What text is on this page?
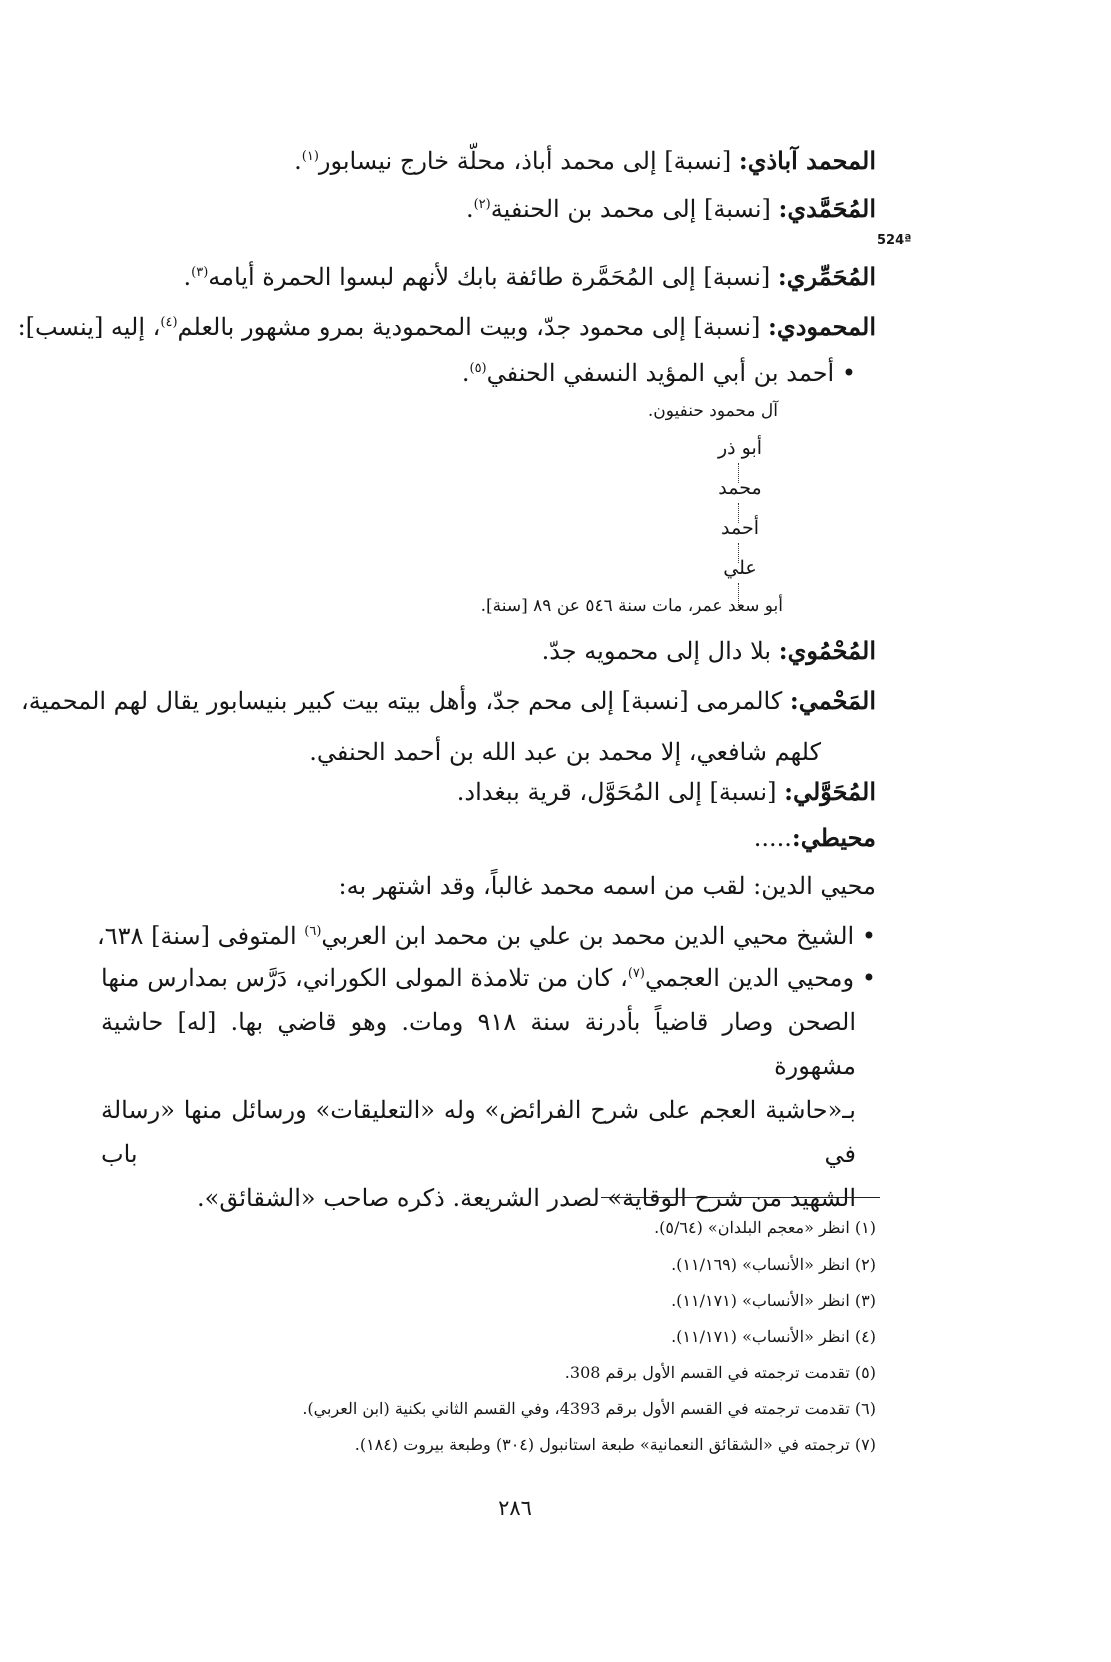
المحمد آباذي: [نسبة] إلى محمد أباذ، محلّة خارج نيسابور$^{(١)}$.
المُحَمَّدي: [نسبة] إلى محمد بن الحنفية$^{(٢)}$.
524ª
المُحَمِّري: [نسبة] إلى المُحَمَّرة طائفة بابك لأنهم لبسوا الحمرة أيامه$^{(٣)}$.
المحمودي: [نسبة] إلى محمود جدّ، وبيت المحمودية بمرو مشهور بالعلم$^{(٤)}$، إليه [ينسب]:
• أحمد بن أبي المؤيد النسفي الحنفي$^{(٥)}$.
آل محمود حنفيون.
أبو ذر
محمد
أحمد
علي
أبو سعد عمر، مات سنة ٥٤٦ عن ٨٩ [سنة].
المُحْمُوي: بلا دال إلى محمويه جدّ.
المَحْمي: كالمرمى [نسبة] إلى محم جدّ، وأهل بيته بيت كبير بنيسابور يقال لهم المحمية،
كلهم شافعي، إلا محمد بن عبد الله بن أحمد الحنفي.
المُحَوَّلي: [نسبة] إلى المُحَوَّل، قرية ببغداد.
محيطي:.....
محيي الدين: لقب من اسمه محمد غالباً، وقد اشتهر به:
• الشيخ محيي الدين محمد بن علي بن محمد ابن العربي$^{(٦)}$ المتوفى [سنة] ٦٣٨،
• ومحيي الدين العجمي$^{(٧)}$، كان من تلامذة المولى الكوراني، دَرَّس بمدارس منها
الصحن وصار قاضياً بأدرنة سنة ٩١٨ ومات. وهو قاضي بها. [له] حاشية مشهورة
بـ«حاشية العجم على شرح الفرائض» وله «التعليقات» ورسائل منها «رسالة في باب
الشهيد من شرح الوقاية» لصدر الشريعة. ذكره صاحب «الشقائق».
(١) انظر «معجم البلدان» (٥/٦٤).
(٢) انظر «الأنساب» (١١/١٦٩).
(٣) انظر «الأنساب» (١١/١٧١).
(٤) انظر «الأنساب» (١١/١٧١).
(٥) تقدمت ترجمته في القسم الأول برقم 308.
(٦) تقدمت ترجمته في القسم الأول برقم 4393، وفي القسم الثاني بكنية (ابن العربي).
(٧) ترجمته في «الشقائق النعمانية» طبعة استانبول (٣٠٤) وطبعة بيروت (١٨٤).
٢٨٦
